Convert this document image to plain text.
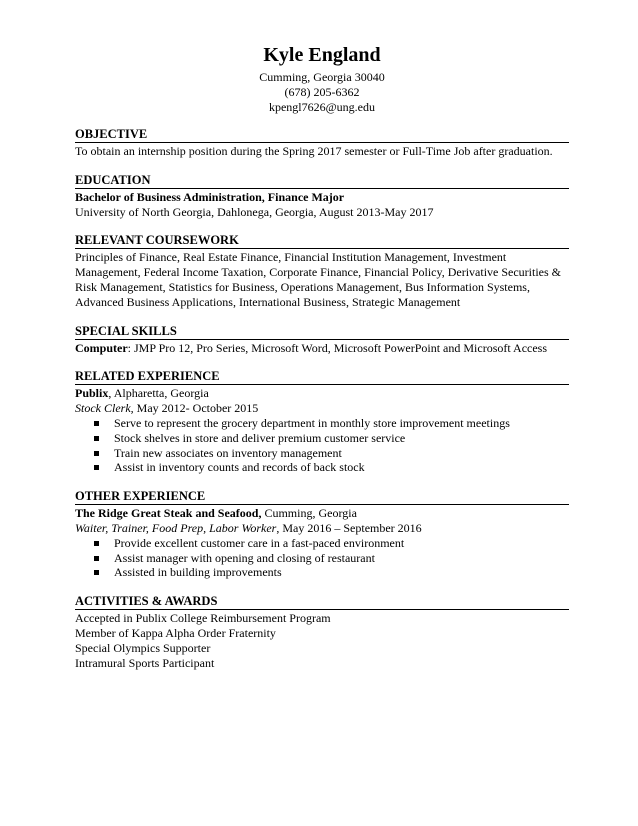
Kyle England
Cumming, Georgia 30040
(678) 205-6362
kpengl7626@ung.edu
OBJECTIVE
To obtain an internship position during the Spring 2017 semester or Full-Time Job after graduation.
EDUCATION
Bachelor of Business Administration, Finance Major
University of North Georgia, Dahlonega, Georgia, August 2013-May 2017
RELEVANT COURSEWORK
Principles of Finance, Real Estate Finance, Financial Institution Management, Investment Management, Federal Income Taxation, Corporate Finance, Financial Policy, Derivative Securities & Risk Management, Statistics for Business, Operations Management, Bus Information Systems, Advanced Business Applications, International Business, Strategic Management
SPECIAL SKILLS
Computer: JMP Pro 12, Pro Series, Microsoft Word, Microsoft PowerPoint and Microsoft Access
RELATED EXPERIENCE
Publix, Alpharetta, Georgia
Stock Clerk, May 2012- October 2015
Serve to represent the grocery department in monthly store improvement meetings
Stock shelves in store and deliver premium customer service
Train new associates on inventory management
Assist in inventory counts and records of back stock
OTHER EXPERIENCE
The Ridge Great Steak and Seafood, Cumming, Georgia
Waiter, Trainer, Food Prep, Labor Worker, May 2016 – September 2016
Provide excellent customer care in a fast-paced environment
Assist manager with opening and closing of restaurant
Assisted in building improvements
ACTIVITIES & AWARDS
Accepted in Publix College Reimbursement Program
Member of Kappa Alpha Order Fraternity
Special Olympics Supporter
Intramural Sports Participant
